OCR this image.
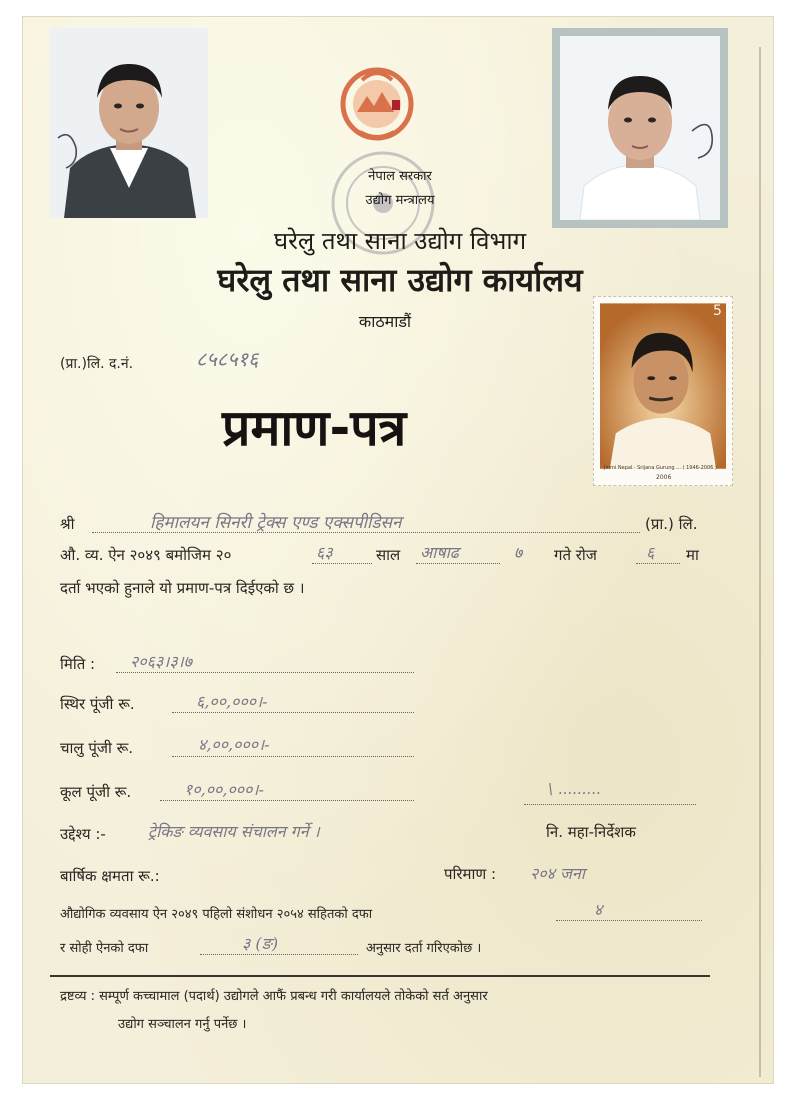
नेपाल सरकार
उद्योग मन्त्रालय
घरेलु तथा साना उद्योग विभाग
घरेलु तथा साना उद्योग कार्यालय
काठमाडौं
(प्रा.)लि. द.नं.	८५८५१६
प्रमाण-पत्र
5
Jinmi Nepal · Srijana Gurung ... ( 1946-2006 )
2006
श्री	हिमालयन सिनरी ट्रेक्स एण्ड एक्सपीडिसन	(प्रा.) लि.
औ. व्य. ऐन २०४९ बमोजिम २०	६३	साल आषाढ	७ गते रोज	६ मा
दर्ता भएको हुनाले यो प्रमाण-पत्र दिईएको छ ।
मिति : २०६३।३।७
स्थिर पूंजी रू.	६,००,०००।-
चालु पूंजी रू.	४,००,०००।-
कूल पूंजी रू.	१०,००,०००।-	\ .........
नि. महा-निर्देशक
उद्देश्य :-	ट्रेकिङ व्यवसाय संचालन गर्ने ।
बार्षिक क्षमता रू.:	परिमाण : २०४ जना
औद्योगिक व्यवसाय ऐन २०४९ पहिलो संशोधन २०५४ सहितको दफा	४
र सोही ऐनको दफा	३ (ङ)	अनुसार दर्ता गरिएकोछ ।
द्रष्टव्य : सम्पूर्ण कच्चामाल (पदार्थ) उद्योगले आफैं प्रबन्ध गरी कार्यालयले तोकेको सर्त अनुसार
उद्योग सञ्चालन गर्नु पर्नेछ ।
